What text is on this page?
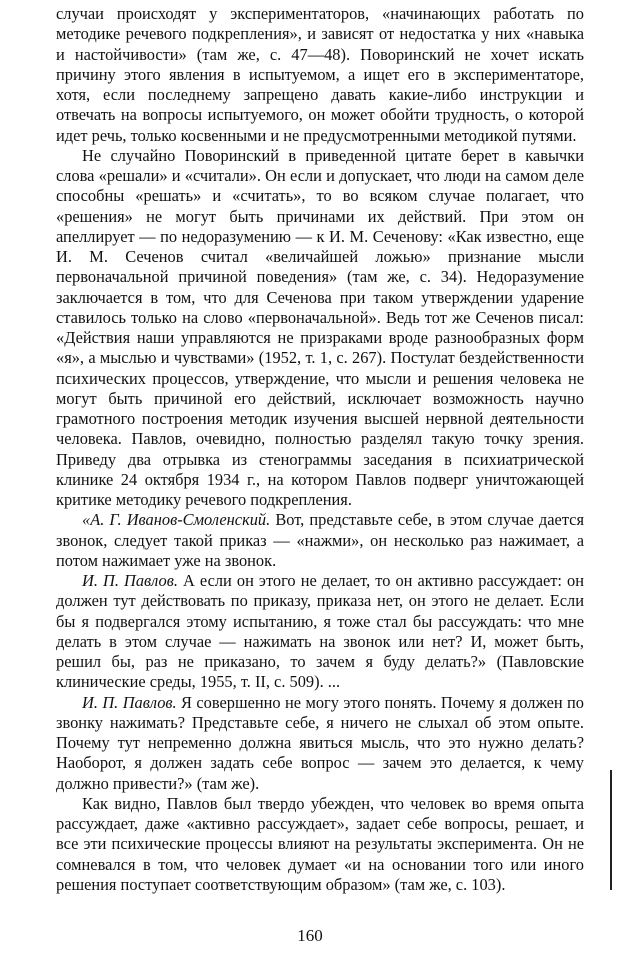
случаи происходят у экспериментаторов, «начинающих работать по методике речевого подкрепления», и зависят от недостатка у них «навыка и настойчивости» (там же, с. 47—48). Поворинский не хочет искать причину этого явления в испытуемом, а ищет его в экспериментаторе, хотя, если последнему запрещено давать какие-либо инструкции и отвечать на вопросы испытуемого, он может обойти трудность, о которой идет речь, только косвенными и не предусмотренными методикой путями.

Не случайно Поворинский в приведенной цитате берет в кавычки слова «решали» и «считали». Он если и допускает, что люди на самом деле способны «решать» и «считать», то во всяком случае полагает, что «решения» не могут быть причинами их действий. При этом он апеллирует — по недоразумению — к И. М. Сеченову: «Как известно, еще И. М. Сеченов считал «величайшей ложью» признание мысли первоначальной причиной поведения» (там же, с. 34). Недоразумение заключается в том, что для Сеченова при таком утверждении ударение ставилось только на слово «первоначальной». Ведь тот же Сеченов писал: «Действия наши управляются не призраками вроде разнообразных форм «я», а мыслью и чувствами» (1952, т. 1, с. 267). Постулат бездейственности психических процессов, утверждение, что мысли и решения человека не могут быть причиной его действий, исключает возможность научно грамотного построения методик изучения высшей нервной деятельности человека. Павлов, очевидно, полностью разделял такую точку зрения. Приведу два отрывка из стенограммы заседания в психиатрической клинике 24 октября 1934 г., на котором Павлов подверг уничтожающей критике методику речевого подкрепления.

«А. Г. Иванов-Смоленский. Вот, представьте себе, в этом случае дается звонок, следует такой приказ — «нажми», он несколько раз нажимает, а потом нажимает уже на звонок.

И. П. Павлов. А если он этого не делает, то он активно рассуждает: он должен тут действовать по приказу, приказа нет, он этого не делает. Если бы я подвергался этому испытанию, я тоже стал бы рассуждать: что мне делать в этом случае — нажимать на звонок или нет? И, может быть, решил бы, раз не приказано, то зачем я буду делать?» (Павловские клинические среды, 1955, т. II, с. 509). ...

И. П. Павлов. Я совершенно не могу этого понять. Почему я должен по звонку нажимать? Представьте себе, я ничего не слыхал об этом опыте. Почему тут непременно должна явиться мысль, что это нужно делать? Наоборот, я должен задать себе вопрос — зачем это делается, к чему должно привести?» (там же).

Как видно, Павлов был твердо убежден, что человек во время опыта рассуждает, даже «активно рассуждает», задает себе вопросы, решает, и все эти психические процессы влияют на результаты эксперимента. Он не сомневался в том, что человек думает «и на основании того или иного решения поступает соответствующим образом» (там же, с. 103).

160
